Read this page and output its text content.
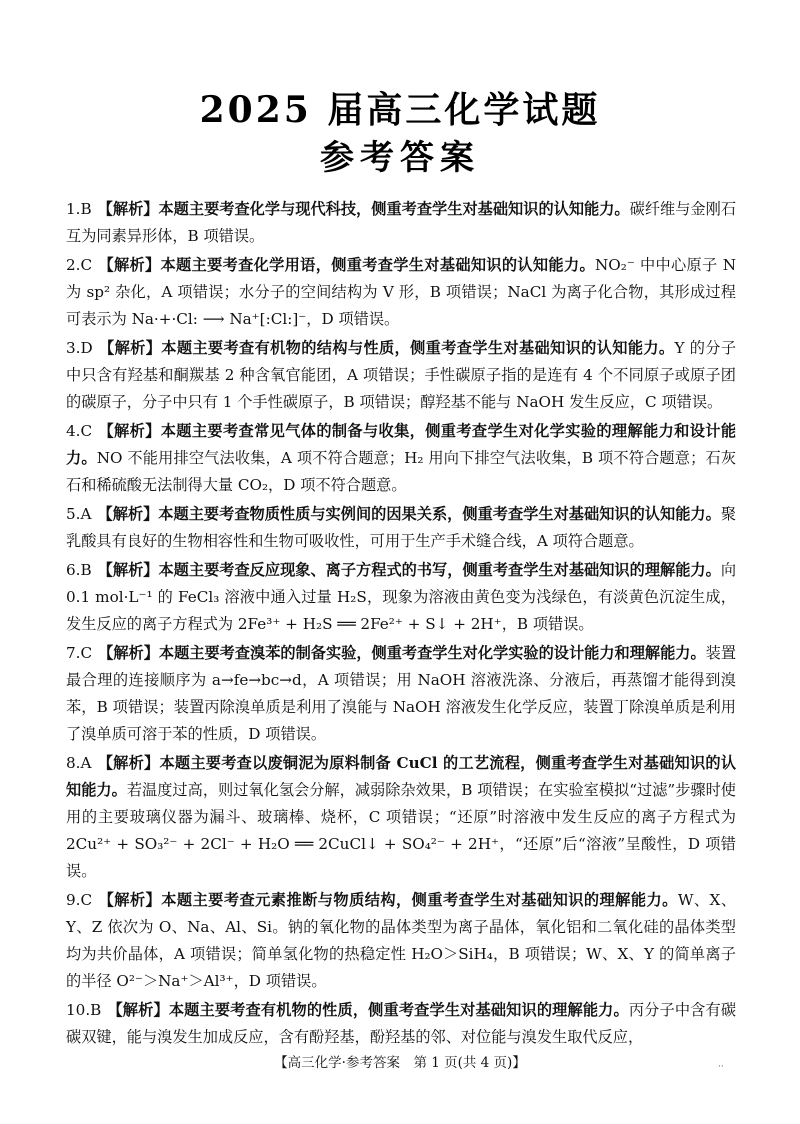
2025 届高三化学试题
参考答案

1.B 【解析】本题主要考查化学与现代科技，侧重考查学生对基础知识的认知能力。碳纤维与金刚石互为同素异形体，B 项错误。

2.C 【解析】本题主要考查化学用语，侧重考查学生对基础知识的认知能力。NO₂⁻ 中中心原子 N 为 sp² 杂化，A 项错误；水分子的空间结构为 V 形，B 项错误；NaCl 为离子化合物，其形成过程可表示为 Na·+·Cl: ⟶ Na⁺[:Cl:]⁻，D 项错误。

3.D 【解析】本题主要考查有机物的结构与性质，侧重考查学生对基础知识的认知能力。Y 的分子中只含有羟基和酮羰基 2 种含氧官能团，A 项错误；手性碳原子指的是连有 4 个不同原子或原子团的碳原子，分子中只有 1 个手性碳原子，B 项错误；醇羟基不能与 NaOH 发生反应，C 项错误。

4.C 【解析】本题主要考查常见气体的制备与收集，侧重考查学生对化学实验的理解能力和设计能力。NO 不能用排空气法收集，A 项不符合题意；H₂ 用向下排空气法收集，B 项不符合题意；石灰石和稀硫酸无法制得大量 CO₂，D 项不符合题意。

5.A 【解析】本题主要考查物质性质与实例间的因果关系，侧重考查学生对基础知识的认知能力。聚乳酸具有良好的生物相容性和生物可吸收性，可用于生产手术缝合线，A 项符合题意。

6.B 【解析】本题主要考查反应现象、离子方程式的书写，侧重考查学生对基础知识的理解能力。向 0.1 mol·L⁻¹ 的 FeCl₃ 溶液中通入过量 H₂S，现象为溶液由黄色变为浅绿色，有淡黄色沉淀生成，发生反应的离子方程式为 2Fe³⁺ + H₂S ══ 2Fe²⁺ + S↓ + 2H⁺，B 项错误。

7.C 【解析】本题主要考查溴苯的制备实验，侧重考查学生对化学实验的设计能力和理解能力。装置最合理的连接顺序为 a→fe→bc→d，A 项错误；用 NaOH 溶液洗涤、分液后，再蒸馏才能得到溴苯，B 项错误；装置丙除溴单质是利用了溴能与 NaOH 溶液发生化学反应，装置丁除溴单质是利用了溴单质可溶于苯的性质，D 项错误。

8.A 【解析】本题主要考查以废铜泥为原料制备 CuCl 的工艺流程，侧重考查学生对基础知识的认知能力。若温度过高，则过氧化氢会分解，减弱除杂效果，B 项错误；在实验室模拟“过滤”步骤时使用的主要玻璃仪器为漏斗、玻璃棒、烧杯，C 项错误；“还原”时溶液中发生反应的离子方程式为 2Cu²⁺ + SO₃²⁻ + 2Cl⁻ + H₂O ══ 2CuCl↓ + SO₄²⁻ + 2H⁺，“还原”后“溶液”呈酸性，D 项错误。

9.C 【解析】本题主要考查元素推断与物质结构，侧重考查学生对基础知识的理解能力。W、X、Y、Z 依次为 O、Na、Al、Si。钠的氧化物的晶体类型为离子晶体，氧化铝和二氧化硅的晶体类型均为共价晶体，A 项错误；简单氢化物的热稳定性 H₂O＞SiH₄，B 项错误；W、X、Y 的简单离子的半径 O²⁻＞Na⁺＞Al³⁺，D 项错误。

10.B 【解析】本题主要考查有机物的性质，侧重考查学生对基础知识的理解能力。丙分子中含有碳碳双键，能与溴发生加成反应，含有酚羟基，酚羟基的邻、对位能与溴发生取代反应，

【高三化学·参考答案　第 1 页(共 4 页)】	··
